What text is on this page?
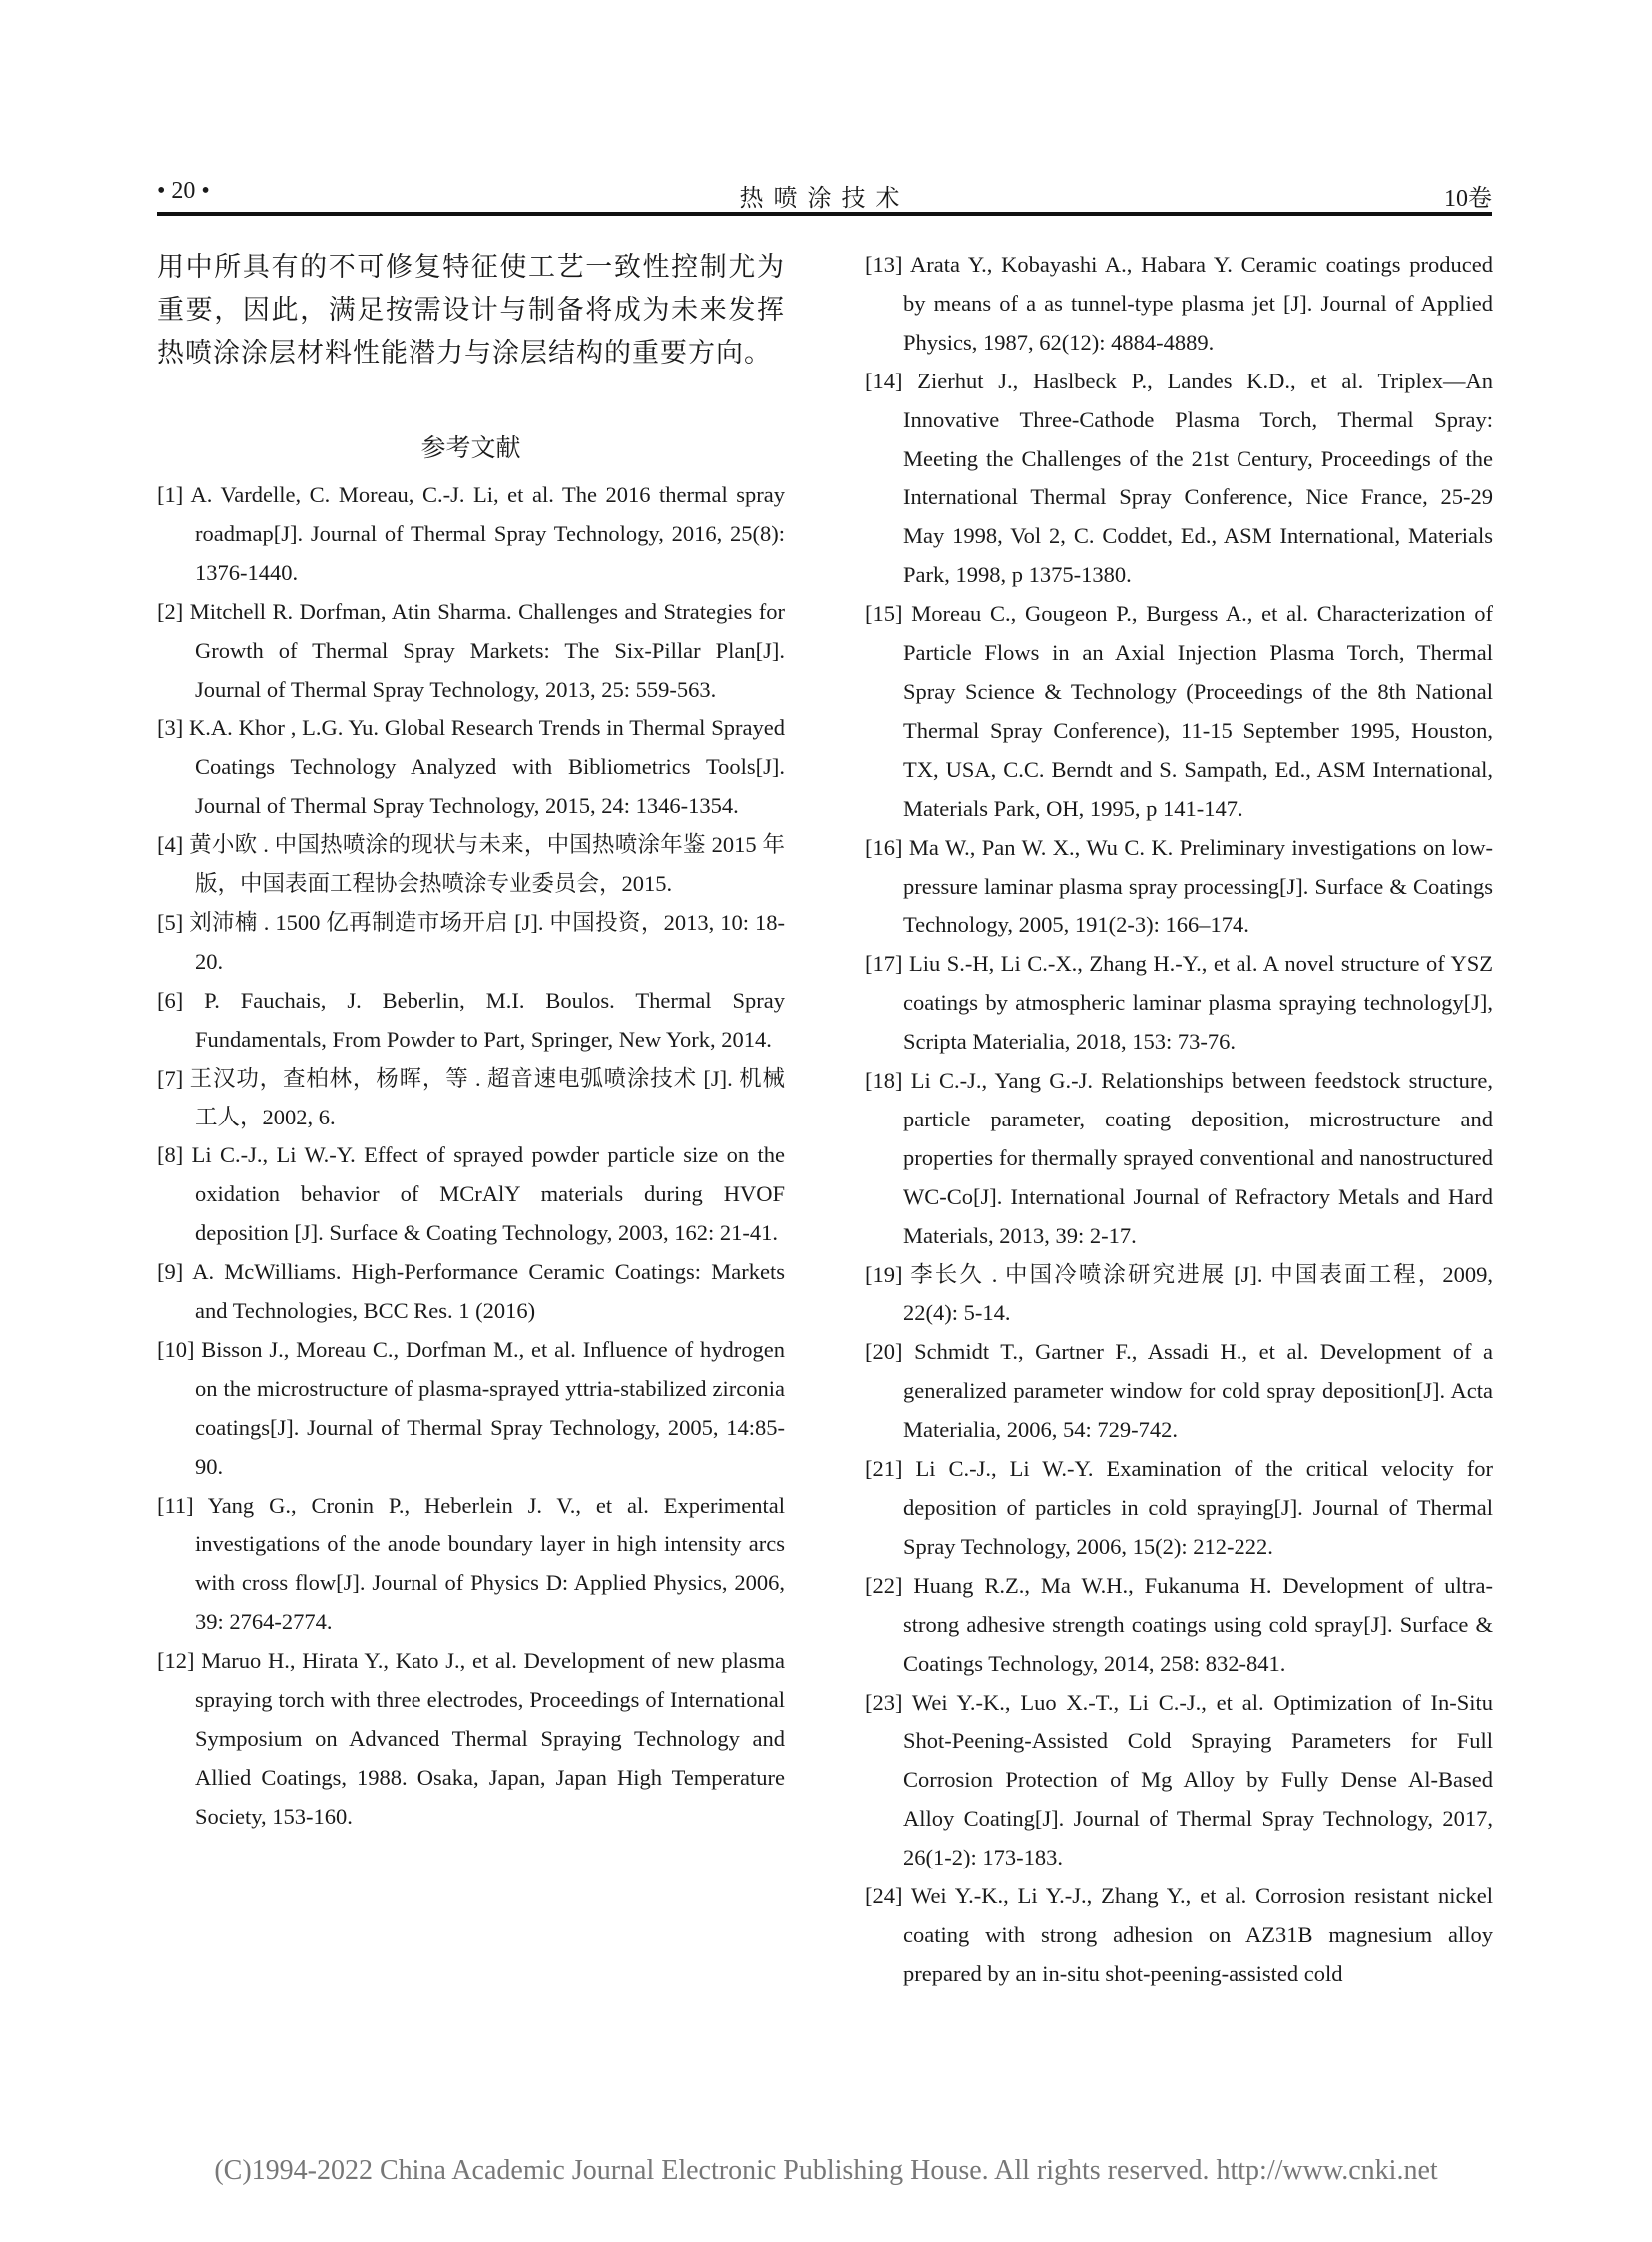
• 20 •	热喷涂技术	10卷

用中所具有的不可修复特征使工艺一致性控制尤为重要，因此，满足按需设计与制备将成为未来发挥热喷涂涂层材料性能潜力与涂层结构的重要方向。

参考文献

[1] A. Vardelle, C. Moreau, C.-J. Li, et al. The 2016 thermal spray roadmap[J]. Journal of Thermal Spray Technology, 2016, 25(8): 1376-1440.

[2] Mitchell R. Dorfman, Atin Sharma. Challenges and Strategies for Growth of Thermal Spray Markets: The Six-Pillar Plan[J]. Journal of Thermal Spray Technology, 2013, 25: 559-563.

[3] K.A. Khor , L.G. Yu. Global Research Trends in Thermal Sprayed Coatings Technology Analyzed with Bibliometrics Tools[J]. Journal of Thermal Spray Technology, 2015, 24: 1346-1354.

[4] 黄小欧 . 中国热喷涂的现状与未来，中国热喷涂年鉴 2015 年版，中国表面工程协会热喷涂专业委员会，2015.

[5] 刘沛楠 . 1500 亿再制造市场开启 [J]. 中国投资，2013, 10: 18-20.

[6] P. Fauchais, J. Beberlin, M.I. Boulos. Thermal Spray Fundamentals, From Powder to Part, Springer, New York, 2014.

[7] 王汉功，查柏林，杨晖，等 . 超音速电弧喷涂技术 [J]. 机械工人，2002, 6.

[8] Li C.-J., Li W.-Y. Effect of sprayed powder particle size on the oxidation behavior of MCrAlY materials during HVOF deposition [J]. Surface & Coating Technology, 2003, 162: 21-41.

[9] A. McWilliams. High-Performance Ceramic Coatings: Markets and Technologies, BCC Res. 1 (2016)

[10] Bisson J., Moreau C., Dorfman M., et al. Influence of hydrogen on the microstructure of plasma-sprayed yttria-stabilized zirconia coatings[J]. Journal of Thermal Spray Technology, 2005, 14:85-90.

[11] Yang G., Cronin P., Heberlein J. V., et al. Experimental investigations of the anode boundary layer in high intensity arcs with cross flow[J]. Journal of Physics D: Applied Physics, 2006, 39: 2764-2774.

[12] Maruo H., Hirata Y., Kato J., et al. Development of new plasma spraying torch with three electrodes, Proceedings of International Symposium on Advanced Thermal Spraying Technology and Allied Coatings, 1988. Osaka, Japan, Japan High Temperature Society, 153-160.

[13] Arata Y., Kobayashi A., Habara Y. Ceramic coatings produced by means of a as tunnel-type plasma jet [J]. Journal of Applied Physics, 1987, 62(12): 4884-4889.

[14] Zierhut J., Haslbeck P., Landes K.D., et al. Triplex—An Innovative Three-Cathode Plasma Torch, Thermal Spray: Meeting the Challenges of the 21st Century, Proceedings of the International Thermal Spray Conference, Nice France, 25-29 May 1998, Vol 2, C. Coddet, Ed., ASM International, Materials Park, 1998, p 1375-1380.

[15] Moreau C., Gougeon P., Burgess A., et al. Characterization of Particle Flows in an Axial Injection Plasma Torch, Thermal Spray Science & Technology (Proceedings of the 8th National Thermal Spray Conference), 11-15 September 1995, Houston, TX, USA, C.C. Berndt and S. Sampath, Ed., ASM International, Materials Park, OH, 1995, p 141-147.

[16] Ma W., Pan W. X., Wu C. K. Preliminary investigations on low-pressure laminar plasma spray processing[J]. Surface & Coatings Technology, 2005, 191(2-3): 166–174.

[17] Liu S.-H, Li C.-X., Zhang H.-Y., et al. A novel structure of YSZ coatings by atmospheric laminar plasma spraying technology[J], Scripta Materialia, 2018, 153: 73-76.

[18] Li C.-J., Yang G.-J. Relationships between feedstock structure, particle parameter, coating deposition, microstructure and properties for thermally sprayed conventional and nanostructured WC-Co[J]. International Journal of Refractory Metals and Hard Materials, 2013, 39: 2-17.

[19] 李长久 . 中国冷喷涂研究进展 [J]. 中国表面工程，2009, 22(4): 5-14.

[20] Schmidt T., Gartner F., Assadi H., et al. Development of a generalized parameter window for cold spray deposition[J]. Acta Materialia, 2006, 54: 729-742.

[21] Li C.-J., Li W.-Y. Examination of the critical velocity for deposition of particles in cold spraying[J]. Journal of Thermal Spray Technology, 2006, 15(2): 212-222.

[22] Huang R.Z., Ma W.H., Fukanuma H. Development of ultra-strong adhesive strength coatings using cold spray[J]. Surface & Coatings Technology, 2014, 258: 832-841.

[23] Wei Y.-K., Luo X.-T., Li C.-J., et al. Optimization of In-Situ Shot-Peening-Assisted Cold Spraying Parameters for Full Corrosion Protection of Mg Alloy by Fully Dense Al-Based Alloy Coating[J]. Journal of Thermal Spray Technology, 2017, 26(1-2): 173-183.

[24] Wei Y.-K., Li Y.-J., Zhang Y., et al. Corrosion resistant nickel coating with strong adhesion on AZ31B magnesium alloy prepared by an in-situ shot-peening-assisted cold

(C)1994-2022 China Academic Journal Electronic Publishing House. All rights reserved. http://www.cnki.net
